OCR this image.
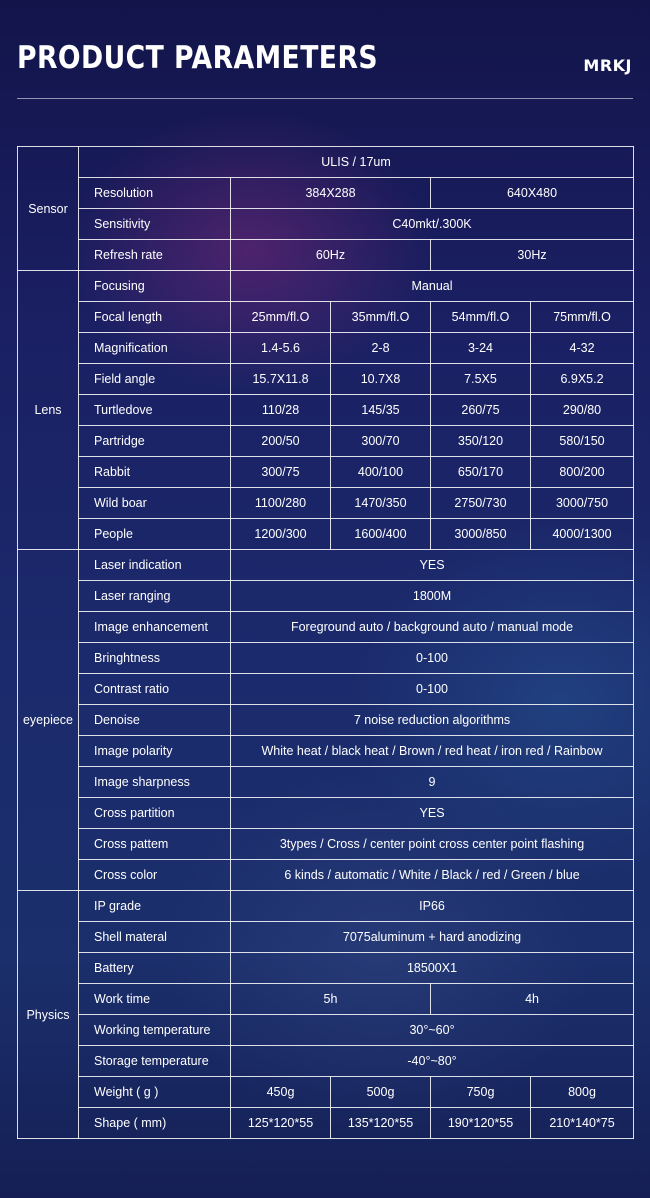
PRODUCT PARAMETERS	MRKJ
Sensor	ULIS / 17um				
	Resolution	384X288		640X480	
	Sensitivity	C40mkt/.300K			
	Refresh rate	60Hz		30Hz	
Lens	Focusing	Manual			
	Focal length	25mm/fl.O	35mm/fl.O	54mm/fl.O	75mm/fl.O
	Magnification	1.4-5.6	2-8	3-24	4-32
	Field angle	15.7X11.8	10.7X8	7.5X5	6.9X5.2
	Turtledove	110/28	145/35	260/75	290/80
	Partridge	200/50	300/70	350/120	580/150
	Rabbit	300/75	400/100	650/170	800/200
	Wild boar	1100/280	1470/350	2750/730	3000/750
	People	1200/300	1600/400	3000/850	4000/1300
eyepiece	Laser indication	YES			
	Laser ranging	1800M			
	Image enhancement	Foreground auto / background auto / manual mode			
	Bringhtness	0-100			
	Contrast ratio	0-100			
	Denoise	7 noise reduction algorithms			
	Image polarity	White heat / black heat / Brown / red heat / iron red / Rainbow			
	Image sharpness	9			
	Cross partition	YES			
	Cross pattem	3types / Cross / center point cross center point flashing			
	Cross color	6 kinds / automatic / White / Black / red / Green / blue			
Physics	IP grade	IP66			
	Shell materal	7075aluminum + hard anodizing			
	Battery	18500X1			
	Work time	5h		4h	
	Working temperature	30°~60°			
	Storage temperature	-40°~80°			
	Weight ( g )	450g	500g	750g	800g
	Shape ( mm)	125*120*55	135*120*55	190*120*55	210*140*75
